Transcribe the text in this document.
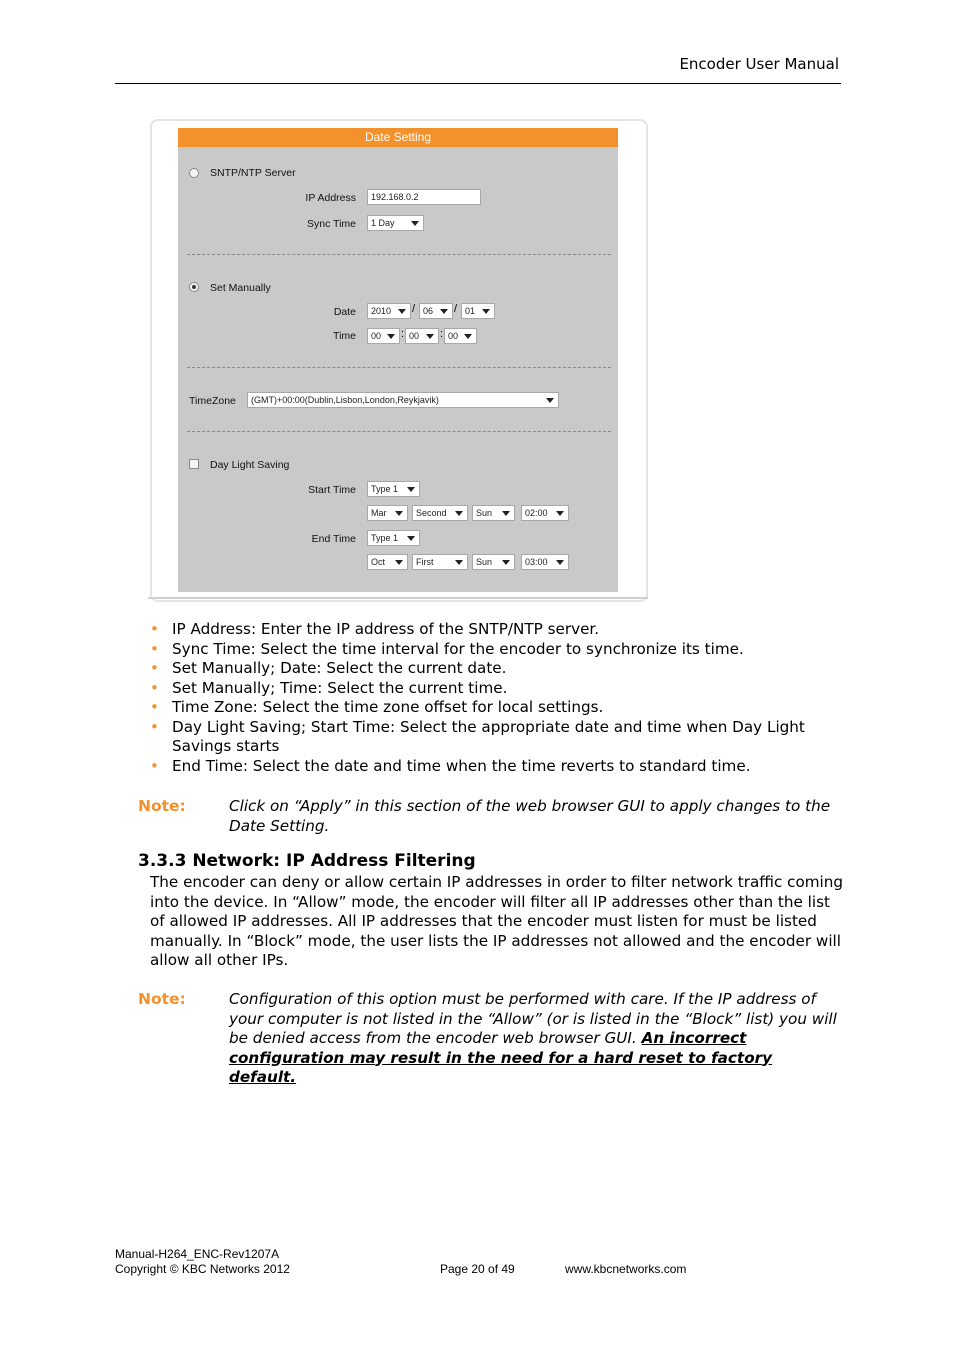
Encoder User Manual
Date Setting
SNTP/NTP Server
IP Address	192.168.0.2
Sync Time	1 Day
Set Manually
Date	2010	/ 06	/ 01
Time	00	: 00	: 00
TimeZone	(GMT)+00:00(Dublin,Lisbon,London,Reykjavik)
Day Light Saving
Start Time	Type 1
Mar	Second	Sun	02:00
End Time	Type 1
Oct	First	Sun	03:00
• IP Address: Enter the IP address of the SNTP/NTP server.
• Sync Time: Select the time interval for the encoder to synchronize its time.
• Set Manually; Date: Select the current date.
• Set Manually; Time: Select the current time.
• Time Zone: Select the time zone offset for local settings.
• Day Light Saving; Start Time: Select the appropriate date and time when Day Light Savings starts
• End Time: Select the date and time when the time reverts to standard time.
Note:	Click on “Apply” in this section of the web browser GUI to apply changes to the Date Setting.
3.3.3 Network: IP Address Filtering
The encoder can deny or allow certain IP addresses in order to filter network traffic coming into the device. In “Allow” mode, the encoder will filter all IP addresses other than the list of allowed IP addresses. All IP addresses that the encoder must listen for must be listed manually. In “Block” mode, the user lists the IP addresses not allowed and the encoder will allow all other IPs.
Note:	Configuration of this option must be performed with care. If the IP address of your computer is not listed in the “Allow” (or is listed in the “Block” list) you will be denied access from the encoder web browser GUI. An incorrect configuration may result in the need for a hard reset to factory default.
Manual-H264_ENC-Rev1207A
Copyright © KBC Networks 2012	Page 20 of 49	www.kbcnetworks.com
